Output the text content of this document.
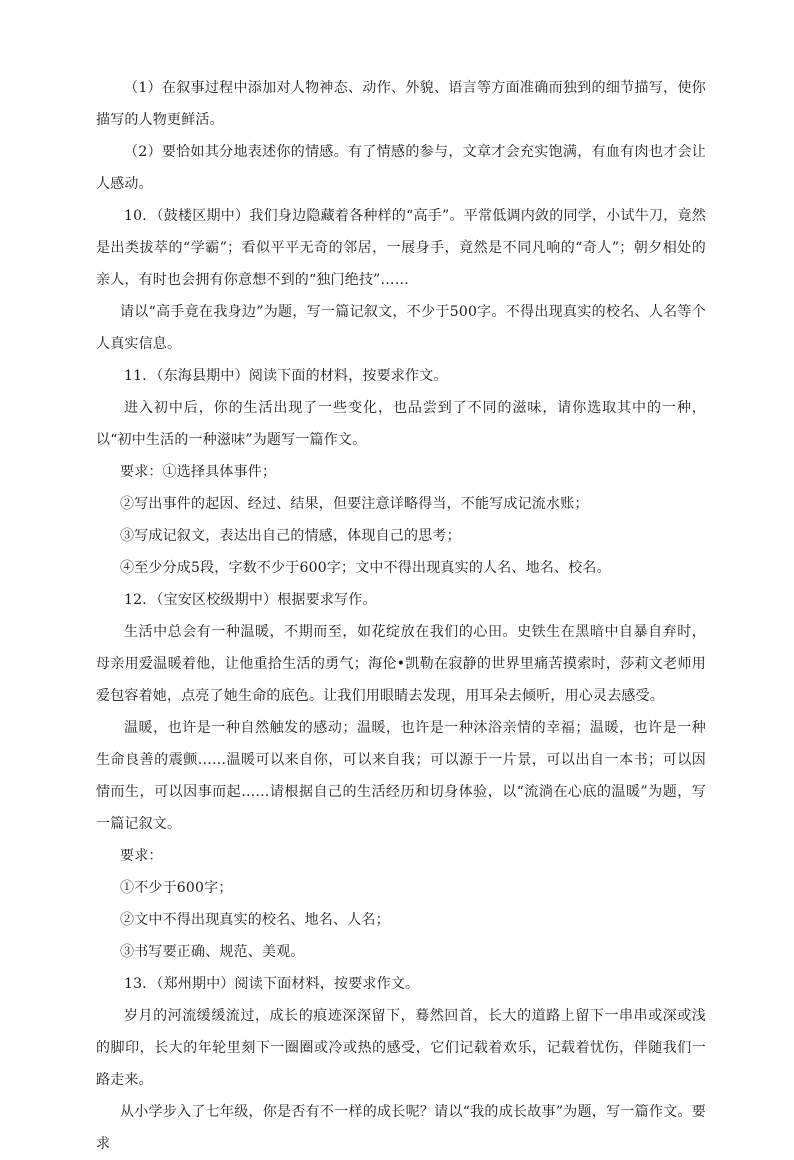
（1）在叙事过程中添加对人物神态、动作、外貌、语言等方面准确而独到的细节描写，使你描写的人物更鲜活。

（2）要恰如其分地表述你的情感。有了情感的参与，文章才会充实饱满，有血有肉也才会让人感动。

10．（鼓楼区期中）我们身边隐藏着各种样的“高手”。平常低调内敛的同学，小试牛刀，竟然是出类拔萃的“学霸”；看似平平无奇的邻居，一展身手，竟然是不同凡响的“奇人”；朝夕相处的亲人，有时也会拥有你意想不到的“独门绝技”……

请以“高手竟在我身边”为题，写一篇记叙文，不少于500字。不得出现真实的校名、人名等个人真实信息。

11．（东海县期中）阅读下面的材料，按要求作文。

进入初中后，你的生活出现了一些变化，也品尝到了不同的滋味，请你选取其中的一种，以“初中生活的一种滋味”为题写一篇作文。

要求：①选择具体事件；

②写出事件的起因、经过、结果，但要注意详略得当，不能写成记流水账；

③写成记叙文，表达出自己的情感，体现自己的思考；

④至少分成5段，字数不少于600字；文中不得出现真实的人名、地名、校名。

12．（宝安区校级期中）根据要求写作。

生活中总会有一种温暖，不期而至，如花绽放在我们的心田。史铁生在黑暗中自暴自弃时，母亲用爱温暖着他，让他重拾生活的勇气；海伦•凯勒在寂静的世界里痛苦摸索时，莎莉文老师用爱包容着她，点亮了她生命的底色。让我们用眼睛去发现，用耳朵去倾听，用心灵去感受。

温暖，也许是一种自然触发的感动；温暖，也许是一种沐浴亲情的幸福；温暖，也许是一种生命良善的震颤……温暖可以来自你，可以来自我；可以源于一片景，可以出自一本书；可以因情而生，可以因事而起……请根据自己的生活经历和切身体验，以“流淌在心底的温暖”为题，写一篇记叙文。

要求：

①不少于600字；

②文中不得出现真实的校名、地名、人名；

③书写要正确、规范、美观。

13．（郑州期中）阅读下面材料，按要求作文。

岁月的河流缓缓流过，成长的痕迹深深留下，蓦然回首，长大的道路上留下一串串或深或浅的脚印，长大的年轮里刻下一圈圈或冷或热的感受，它们记载着欢乐，记载着忧伤，伴随我们一路走来。

从小学步入了七年级，你是否有不一样的成长呢？请以“我的成长故事”为题，写一篇作文。要求
